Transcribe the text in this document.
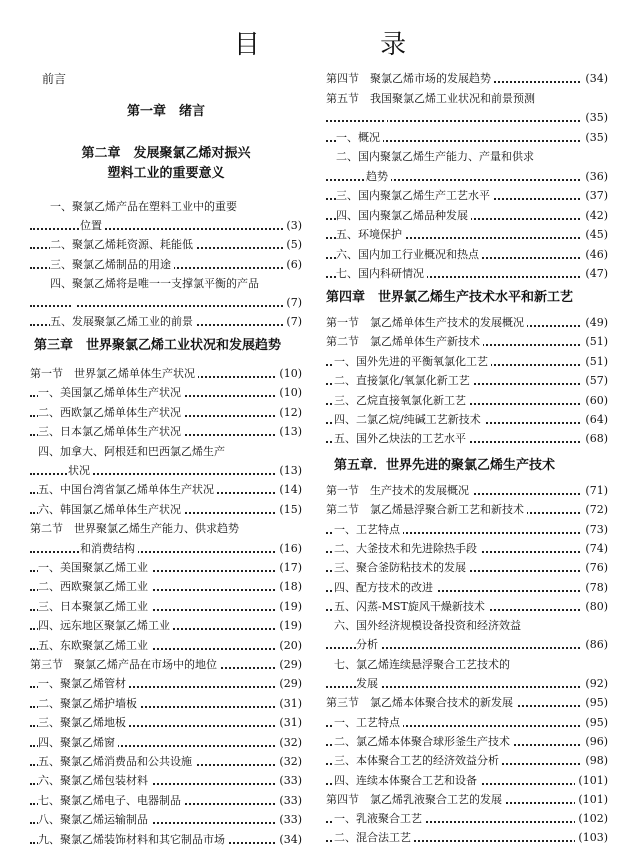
目 录
前言
第一章　绪言
第二章　发展聚氯乙烯对振兴
塑料工业的重要意义
一、聚氯乙烯产品在塑料工业中的重要
位置	(3)
二、聚氯乙烯耗资源、耗能低	(5)
三、聚氯乙烯制品的用途	(6)
四、聚氯乙烯将是唯一一支撑氯平衡的产品
(7)
五、发展聚氯乙烯工业的前景	(7)
第三章　世界聚氯乙烯工业状况和发展趋势
第一节　世界氯乙烯单体生产状况	(10)
一、美国氯乙烯单体生产状况	(10)
二、西欧氯乙烯单体生产状况	(12)
三、日本氯乙烯单体生产状况	(13)
四、加拿大、阿根廷和巴西氯乙烯生产
状况	(13)
五、中国台湾省氯乙烯单体生产状况	(14)
六、韩国氯乙烯单体生产状况	(15)
第二节　世界聚氯乙烯生产能力、供求趋势
和消费结构	(16)
一、美国聚氯乙烯工业	(17)
二、西欧聚氯乙烯工业	(18)
三、日本聚氯乙烯工业	(19)
四、远东地区聚氯乙烯工业	(19)
五、东欧聚氯乙烯工业	(20)
第三节　聚氯乙烯产品在市场中的地位	(29)
一、聚氯乙烯管材	(29)
二、聚氯乙烯护墙板	(31)
三、聚氯乙烯地板	(31)
四、聚氯乙烯窗	(32)
五、聚氯乙烯消费品和公共设施	(32)
六、聚氯乙烯包装材料	(33)
七、聚氯乙烯电子、电器制品	(33)
八、聚氯乙烯运输制品	(33)
九、聚氯乙烯装饰材料和其它制品市场	(34)
第四节　聚氯乙烯市场的发展趋势	(34)
第五节　我国聚氯乙烯工业状况和前景预测
(35)
一、概况	(35)
二、国内聚氯乙烯生产能力、产量和供求
趋势	(36)
三、国内聚氯乙烯生产工艺水平	(37)
四、国内聚氯乙烯品种发展	(42)
五、环境保护	(45)
六、国内加工行业概况和热点	(46)
七、国内科研情况	(47)
第四章　世界氯乙烯生产技术水平和新工艺
第一节　氯乙烯单体生产技术的发展概况	(49)
第二节　氯乙烯单体生产新技术	(51)
一、国外先进的平衡氧氯化工艺	(51)
二、直接氯化/氧氯化新工艺	(57)
三、乙烷直接氧氯化新工艺	(60)
四、二氯乙烷/纯碱工艺新技术	(64)
五、国外乙炔法的工艺水平	(68)
第五章．世界先进的聚氯乙烯生产技术
第一节　生产技术的发展概况	(71)
第二节　氯乙烯悬浮聚合新工艺和新技术	(72)
一、工艺特点	(73)
二、大釜技术和先进除热手段	(74)
三、聚合釜防粘技术的发展	(76)
四、配方技术的改进	(78)
五、闪蒸-MST旋风干燥新技术	(80)
六、国外经济规模设备投资和经济效益
分析	(86)
七、氯乙烯连续悬浮聚合工艺技术的
发展	(92)
第三节　氯乙烯本体聚合技术的新发展	(95)
一、工艺特点	(95)
二、氯乙烯本体聚合球形釜生产技术	(96)
三、本体聚合工艺的经济效益分析	(98)
四、连续本体聚合工艺和设备	(101)
第四节　氯乙烯乳液聚合工艺的发展	(101)
一、乳液聚合工艺	(102)
二、混合法工艺	(103)
